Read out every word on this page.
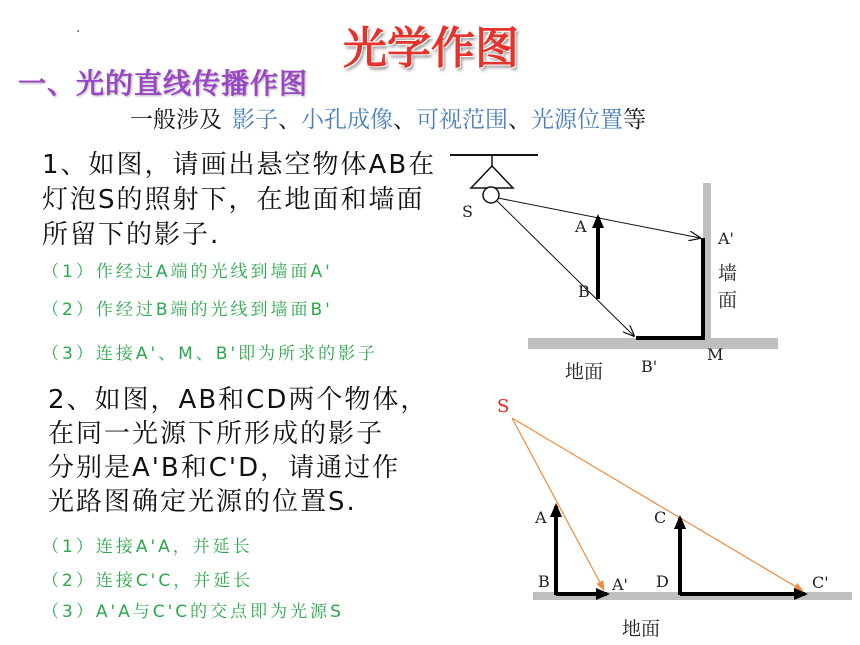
.	光学作图
一、光的直线传播作图
一般涉及 影子、小孔成像、可视范围、光源位置等
1、如图，请画出悬空物体AB在
灯泡S的照射下，在地面和墙面
所留下的影子.
（1）作经过A端的光线到墙面A'
（2）作经过B端的光线到墙面B'
（3）连接A'、M、B'即为所求的影子
2、如图，AB和CD两个物体，
在同一光源下所形成的影子
分别是A'B和C'D，请通过作
光路图确定光源的位置S.
（1）连接A'A，并延长
（2）连接C'C，并延长
（3）A'A与C'C的交点即为光源S
S
A
B
A'
B'
M
地面
S
A
B	A'
C
D	C'
地面
墙面
